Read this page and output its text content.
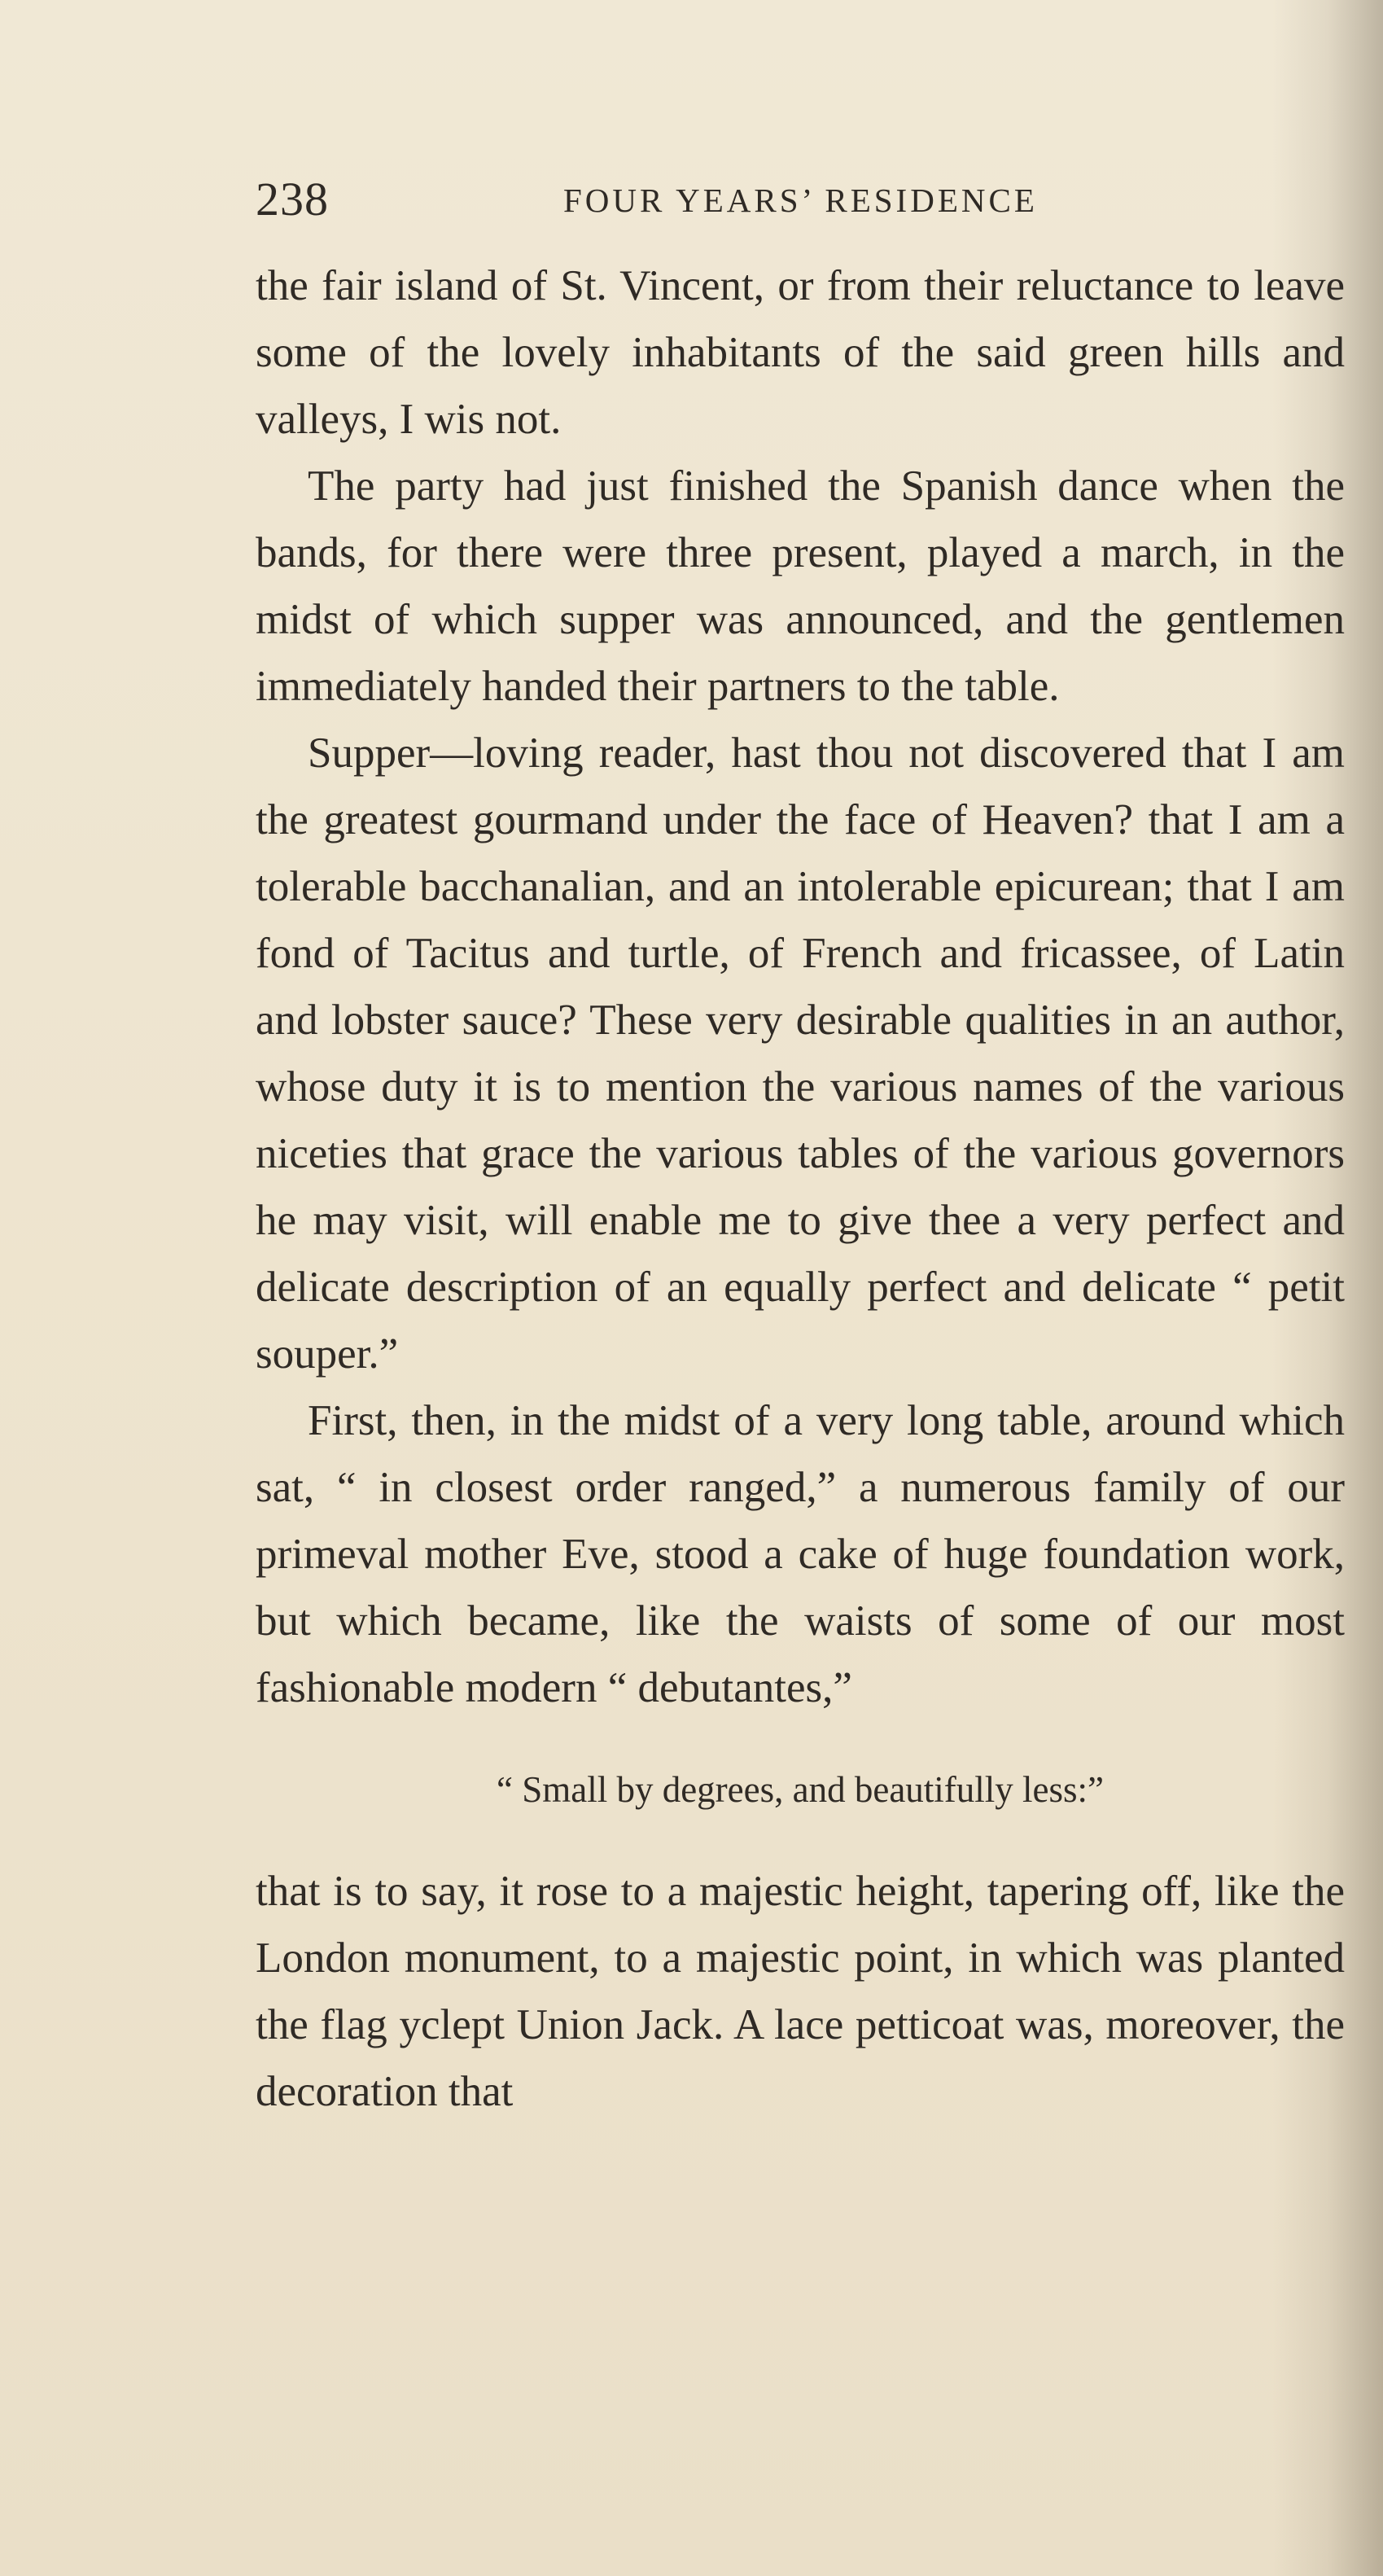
238	FOUR YEARS’ RESIDENCE

the fair island of St. Vincent, or from their reluctance to leave some of the lovely inhabitants of the said green hills and valleys, I wis not.

The party had just finished the Spanish dance when the bands, for there were three present, played a march, in the midst of which supper was announced, and the gentlemen immediately handed their partners to the table.

Supper—loving reader, hast thou not discovered that I am the greatest gourmand under the face of Heaven? that I am a tolerable bacchanalian, and an intolerable epicurean; that I am fond of Tacitus and turtle, of French and fricassee, of Latin and lobster sauce? These very desirable qualities in an author, whose duty it is to mention the various names of the various niceties that grace the various tables of the various governors he may visit, will enable me to give thee a very perfect and delicate description of an equally perfect and delicate “ petit souper.”

First, then, in the midst of a very long table, around which sat, “ in closest order ranged,” a numerous family of our primeval mother Eve, stood a cake of huge foundation work, but which became, like the waists of some of our most fashionable modern “ debutantes,”

“ Small by degrees, and beautifully less:”

that is to say, it rose to a majestic height, tapering off, like the London monument, to a majestic point, in which was planted the flag yclept Union Jack. A lace petticoat was, moreover, the decoration that
